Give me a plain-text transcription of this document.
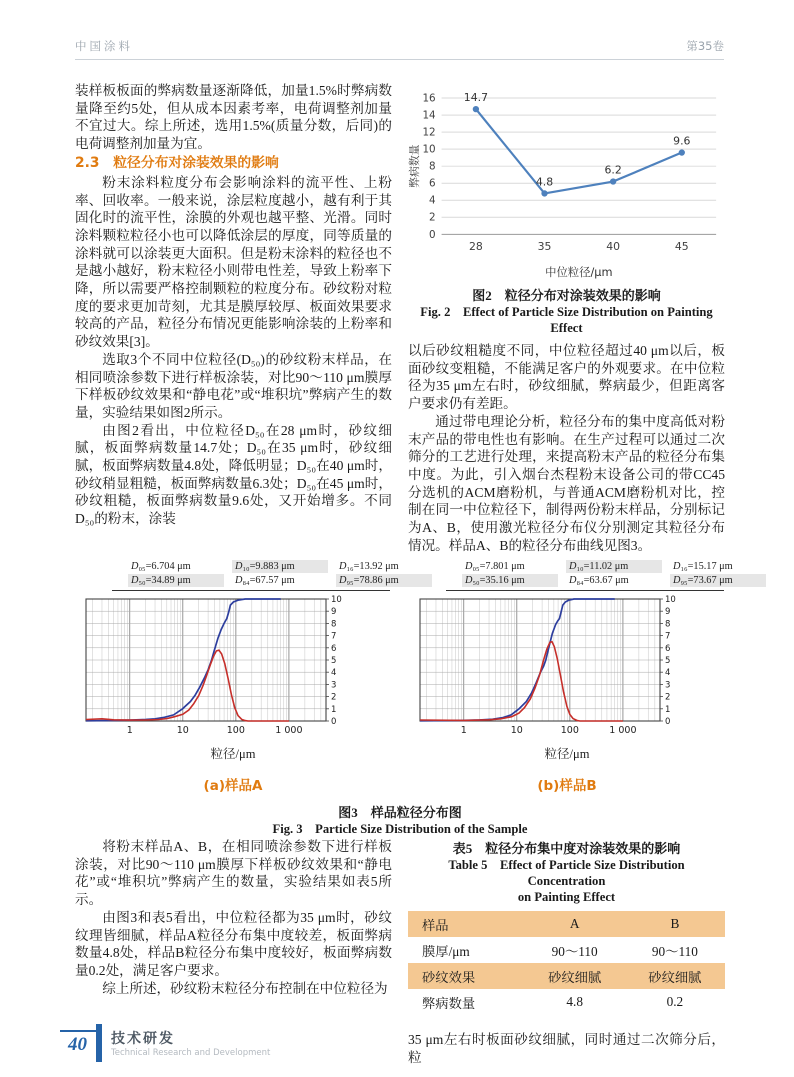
中国涂料	第35卷

装样板板面的弊病数量逐渐降低，加量1.5%时弊病数量降至约5处，但从成本因素考率，电荷调整剂加量不宜过大。综上所述，选用1.5%(质量分数，后同)的电荷调整剂加量为宜。

2.3　粒径分布对涂装效果的影响

粉末涂料粒度分布会影响涂料的流平性、上粉率、回收率。一般来说，涂层粒度越小，越有利于其固化时的流平性，涂膜的外观也越平整、光滑。同时涂料颗粒粒径小也可以降低涂层的厚度，同等质量的涂料就可以涂装更大面积。但是粉末涂料的粒径也不是越小越好，粉末粒径小则带电性差，导致上粉率下降，所以需要严格控制颗粒的粒度分布。砂纹粉对粒度的要求更加苛刻，尤其是膜厚较厚、板面效果要求较高的产品，粒径分布情况更能影响涂装的上粉率和砂纹效果[3]。

选取3个不同中位粒径(D₅₀)的砂纹粉末样品，在相同喷涂参数下进行样板涂装，对比90～110 μm膜厚下样板砂纹效果和“静电花”或“堆积坑”弊病产生的数量，实验结果如图2所示。

由图2看出，中位粒径D₅₀在28 μm时，砂纹细腻，板面弊病数量14.7处；D₅₀在35 μm时，砂纹细腻，板面弊病数量4.8处，降低明显；D₅₀在40 μm时，砂纹稍显粗糙，板面弊病数量6.3处；D₅₀在45 μm时，砂纹粗糙，板面弊病数量9.6处，又开始增多。不同D₅₀的粉末，涂装

0
2
4
6
8
10
12
14
16
28	35	40	45
14.7
4.8
6.2
9.6
弊病数量
中位粒径/μm
图2　粒径分布对涂装效果的影响
Fig. 2　Effect of Particle Size Distribution on Painting
Effect

以后砂纹粗糙度不同，中位粒径超过40 μm以后，板面砂纹变粗糙，不能满足客户的外观要求。在中位粒径为35 μm左右时，砂纹细腻，弊病最少，但距离客户要求仍有差距。

通过带电理论分析，粒径分布的集中度高低对粉末产品的带电性也有影响。在生产过程可以通过二次筛分的工艺进行处理，来提高粉末产品的粒径分布集中度。为此，引入烟台杰程粉末设备公司的带CC45分选机的ACM磨粉机，与普通ACM磨粉机对比，控制在同一中位粒径下，制得两份粉末样品，分别标记为A、B，使用激光粒径分布仪分别测定其粒径分布情况。样品A、B的粒径分布曲线见图3。

D₀₅=6.704 μm	D₁₀=9.883 μm	D₁₆=13.92 μm
D₅₀=34.89 μm	D₈₄=67.57 μm	D₉₅=78.86 μm
0
1
2
3
4
5
6
7
8
9
10
1	10	100	1 000
粒径/μm
(a)样品A
D₀₅=7.801 μm	D₁₀=11.02 μm	D₁₆=15.17 μm
D₅₀=35.16 μm	D₈₄=63.67 μm	D₉₅=73.67 μm
0
1
2
3
4
5
6
7
8
9
10
1	10	100	1 000
粒径/μm
(b)样品B
图3　样品粒径分布图
Fig. 3　Particle Size Distribution of the Sample

将粉末样品A、B，在相同喷涂参数下进行样板涂装，对比90～110 μm膜厚下样板砂纹效果和“静电花”或“堆积坑”弊病产生的数量，实验结果如表5所示。

由图3和表5看出，中位粒径都为35 μm时，砂纹纹理皆细腻，样品A粒径分布集中度较差，板面弊病数量4.8处，样品B粒径分布集中度较好，板面弊病数量0.2处，满足客户要求。

综上所述，砂纹粉末粒径分布控制在中位粒径为

表5　粒径分布集中度对涂装效果的影响
Table 5　Effect of Particle Size Distribution Concentration
on Painting Effect
样品	A	B
膜厚/μm	90～110	90～110
砂纹效果	砂纹细腻	砂纹细腻
弊病数量	4.8	0.2

35 μm左右时板面砂纹细腻，同时通过二次筛分后，粒

40	技术研发
Technical Research and Development
